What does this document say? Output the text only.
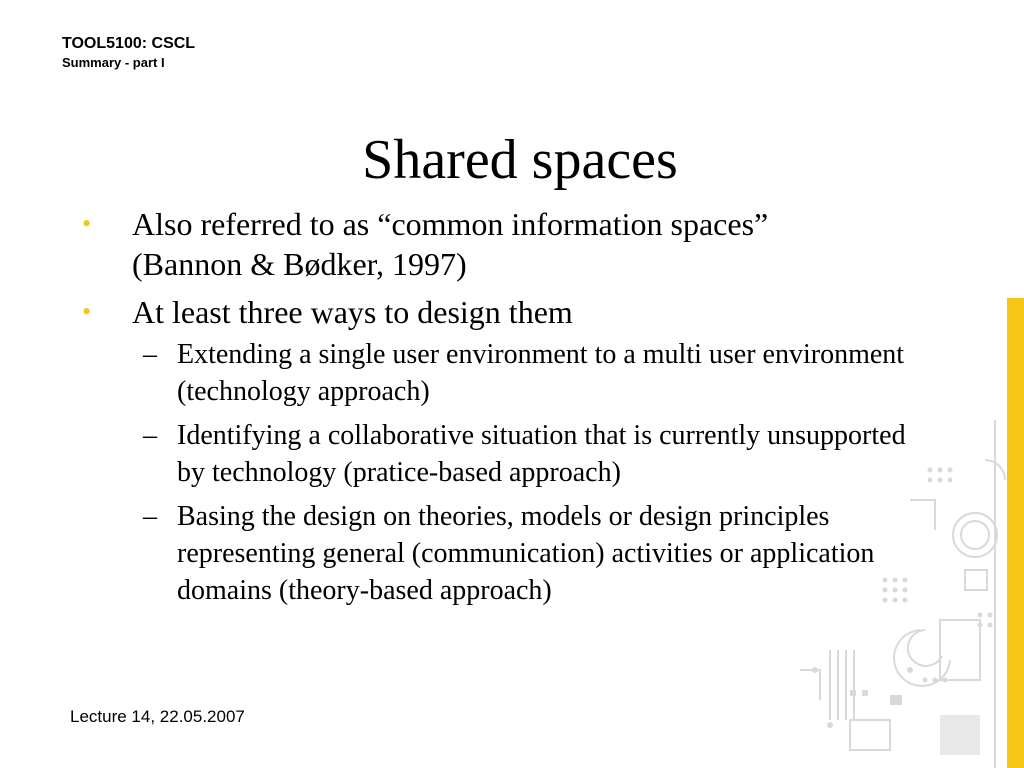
TOOL5100: CSCL
Summary - part I
Shared spaces
• Also referred to as “common information spaces” (Bannon & Bødker, 1997)
• At least three ways to design them
– Extending a single user environment to a multi user environment (technology approach)
– Identifying a collaborative situation that is currently unsupported by technology (pratice-based approach)
– Basing the design on theories, models or design principles representing general (communication) activities or application domains (theory-based approach)
Lecture 14, 22.05.2007
